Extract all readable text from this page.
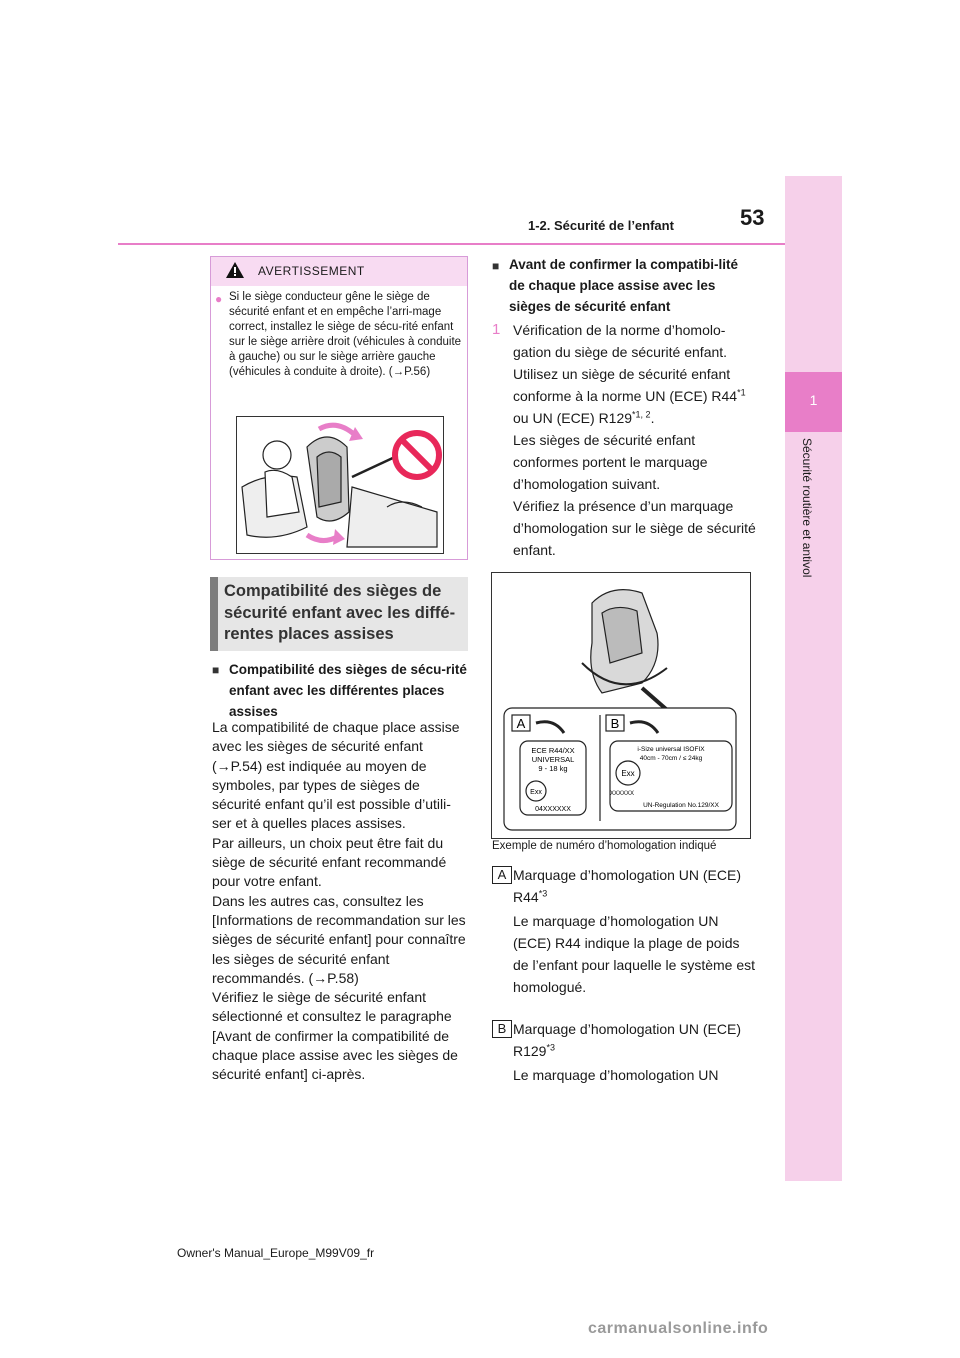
1-2. Sécurité de l’enfant	53
1
Sécurité routière et antivol
AVERTISSEMENT
● Si le siège conducteur gêne le siège de sécurité enfant et en empêche l’arri-mage correct, installez le siège de sécu-rité enfant sur le siège arrière droit (véhicules à conduite à gauche) ou sur le siège arrière gauche (véhicules à conduite à droite). (→P.56)
Compatibilité des sièges de sécurité enfant avec les diffé-rentes places assises
■ Compatibilité des sièges de sécu-rité enfant avec les différentes places assises
La compatibilité de chaque place assise avec les sièges de sécurité enfant (→P.54) est indiquée au moyen de symboles, par types de sièges de sécurité enfant qu’il est possible d’utili-ser et à quelles places assises.
Par ailleurs, un choix peut être fait du siège de sécurité enfant recommandé pour votre enfant.
Dans les autres cas, consultez les [Informations de recommandation sur les sièges de sécurité enfant] pour connaître les sièges de sécurité enfant recommandés. (→P.58)
Vérifiez le siège de sécurité enfant sélectionné et consultez le paragraphe [Avant de confirmer la compatibilité de chaque place assise avec les sièges de sécurité enfant] ci-après.
■ Avant de confirmer la compatibi-lité de chaque place assise avec les sièges de sécurité enfant
1 Vérification de la norme d’homolo-gation du siège de sécurité enfant.
Utilisez un siège de sécurité enfant conforme à la norme UN (ECE) R44$^{*1}$ ou UN (ECE) R129$^{*1, 2}$.
Les sièges de sécurité enfant conformes portent le marquage d’homologation suivant.
Vérifiez la présence d’un marquage d’homologation sur le siège de sécurité enfant.
A	B
ECE R44/XX
UNIVERSAL
9 - 18 kg
Exx
04XXXXXX
i-Size universal ISOFIX
40cm - 70cm / ≤ 24kg
Exx
XXXXXX
UN-Regulation No.129/XX
Exemple de numéro d’homologation indiqué
A Marquage d’homologation UN (ECE) R44$^{*3}$
Le marquage d’homologation UN (ECE) R44 indique la plage de poids de l’enfant pour laquelle le système est homologué.
B Marquage d’homologation UN (ECE) R129$^{*3}$
Le marquage d’homologation UN
Owner's Manual_Europe_M99V09_fr
carmanualsonline.info
